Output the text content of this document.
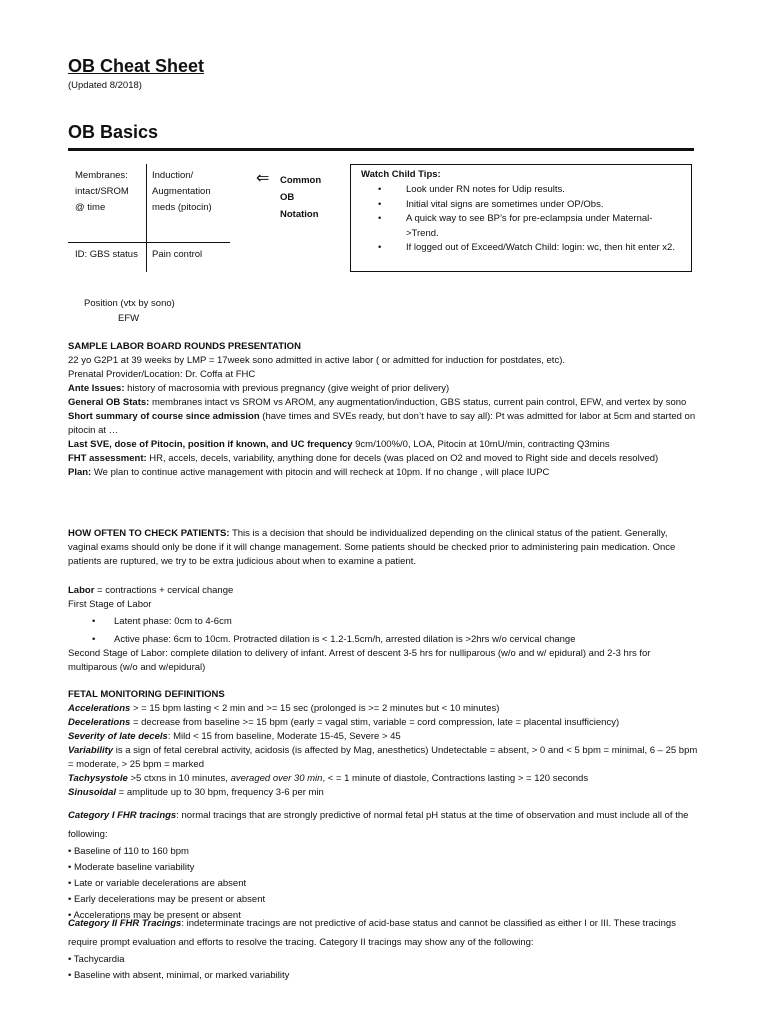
OB Cheat Sheet
(Updated 8/2018)
OB Basics
Membranes:
intact/SROM
@ time
Induction/
Augmentation
meds (pitocin)
ID: GBS status Pain control
⇐ Common
OB
Notation
Watch Child Tips:
• Look under RN notes for Udip results.
• Initial vital signs are sometimes under OP/Obs.
• A quick way to see BP’s for pre-eclampsia under Maternal->Trend.
• If logged out of Exceed/Watch Child: login: wc, then hit enter x2.
Position (vtx by sono)
EFW
SAMPLE LABOR BOARD ROUNDS PRESENTATION
22 yo G2P1 at 39 weeks by LMP = 17week sono admitted in active labor ( or admitted for induction for postdates, etc).
Prenatal Provider/Location: Dr. Coffa at FHC
Ante Issues: history of macrosomia with previous pregnancy (give weight of prior delivery)
General OB Stats: membranes intact vs SROM vs AROM, any augmentation/induction, GBS status, current pain control, EFW, and vertex by sono
Short summary of course since admission (have times and SVEs ready, but don’t have to say all): Pt was admitted for labor at 5cm and started on pitocin at …
Last SVE, dose of Pitocin, position if known, and UC frequency 9cm/100%/0, LOA, Pitocin at 10mU/min, contracting Q3mins
FHT assessment: HR, accels, decels, variability, anything done for decels (was placed on O2 and moved to Right side and decels resolved)
Plan: We plan to continue active management with pitocin and will recheck at 10pm. If no change , will place IUPC
HOW OFTEN TO CHECK PATIENTS: This is a decision that should be individualized depending on the clinical status of the patient. Generally, vaginal exams should only be done if it will change management. Some patients should be checked prior to administering pain medication. Once patients are ruptured, we try to be extra judicious about when to examine a patient.
Labor = contractions + cervical change
First Stage of Labor
• Latent phase: 0cm to 4-6cm
• Active phase: 6cm to 10cm. Protracted dilation is < 1.2-1.5cm/h, arrested dilation is >2hrs w/o cervical change
Second Stage of Labor: complete dilation to delivery of infant. Arrest of descent 3-5 hrs for nulliparous (w/o and w/ epidural) and 2-3 hrs for multiparous (w/o and w/epidural)
FETAL MONITORING DEFINITIONS
Accelerations > = 15 bpm lasting < 2 min and >= 15 sec (prolonged is >= 2 minutes but < 10 minutes)
Decelerations = decrease from baseline >= 15 bpm (early = vagal stim, variable = cord compression, late = placental insufficiency)
Severity of late decels: Mild < 15 from baseline, Moderate 15-45, Severe > 45
Variability is a sign of fetal cerebral activity, acidosis (is affected by Mag, anesthetics) Undetectable = absent, > 0 and < 5 bpm = minimal, 6 – 25 bpm = moderate, > 25 bpm = marked
Tachysystole >5 ctxns in 10 minutes, averaged over 30 min, < = 1 minute of diastole, Contractions lasting > = 120 seconds
Sinusoidal = amplitude up to 30 bpm, frequency 3-6 per min
Category I FHR tracings: normal tracings that are strongly predictive of normal fetal pH status at the time of observation and must include all of the following:
• Baseline of 110 to 160 bpm
• Moderate baseline variability
• Late or variable decelerations are absent
• Early decelerations may be present or absent
• Accelerations may be present or absent
Category II FHR Tracings: indeterminate tracings are not predictive of acid-base status and cannot be classified as either I or III. These tracings require prompt evaluation and efforts to resolve the tracing. Category II tracings may show any of the following:
• Tachycardia
• Baseline with absent, minimal, or marked variability
